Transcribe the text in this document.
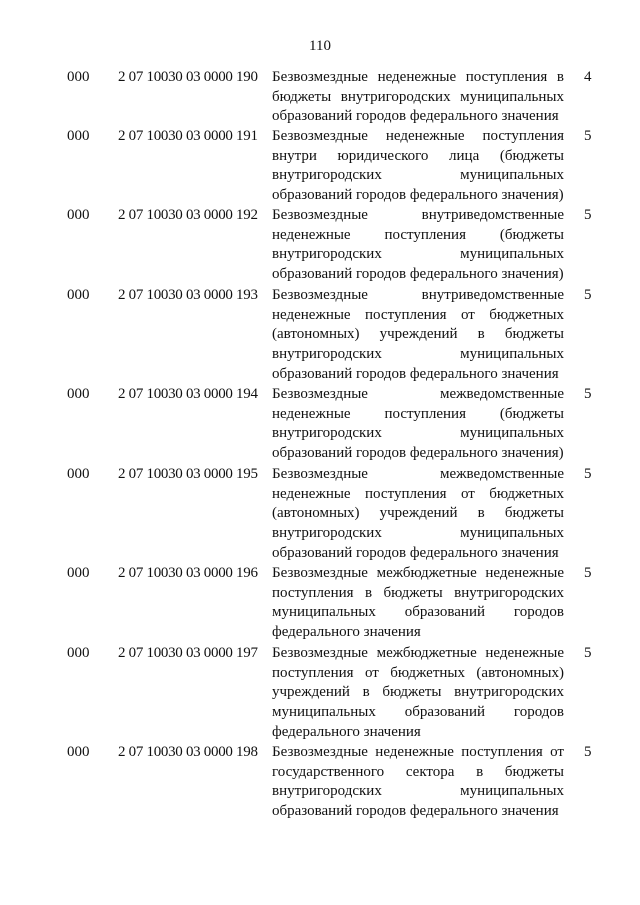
110
000 2 07 10030 03 0000 190 Безвозмездные неденежные поступления в бюджеты внутригородских муниципальных образований городов федерального значения
4
000 2 07 10030 03 0000 191 Безвозмездные неденежные поступления внутри юридического лица (бюджеты внутригородских муниципальных образований городов федерального значения)
5
000 2 07 10030 03 0000 192 Безвозмездные внутриведомственные неденежные поступления (бюджеты внутригородских муниципальных образований городов федерального значения)
5
000 2 07 10030 03 0000 193 Безвозмездные внутриведомственные неденежные поступления от бюджетных (автономных) учреждений в бюджеты внутригородских муниципальных образований городов федерального значения
5
000 2 07 10030 03 0000 194 Безвозмездные межведомственные неденежные поступления (бюджеты внутригородских муниципальных образований городов федерального значения)
5
000 2 07 10030 03 0000 195 Безвозмездные межведомственные неденежные поступления от бюджетных (автономных) учреждений в бюджеты внутригородских муниципальных образований городов федерального значения
5
000 2 07 10030 03 0000 196 Безвозмездные межбюджетные неденежные поступления в бюджеты внутригородских муниципальных образований городов федерального значения
5
000 2 07 10030 03 0000 197 Безвозмездные межбюджетные неденежные поступления от бюджетных (автономных) учреждений в бюджеты внутригородских муниципальных образований городов федерального значения
5
000 2 07 10030 03 0000 198 Безвозмездные неденежные поступления от государственного сектора в бюджеты внутригородских муниципальных образований городов федерального значения
5
